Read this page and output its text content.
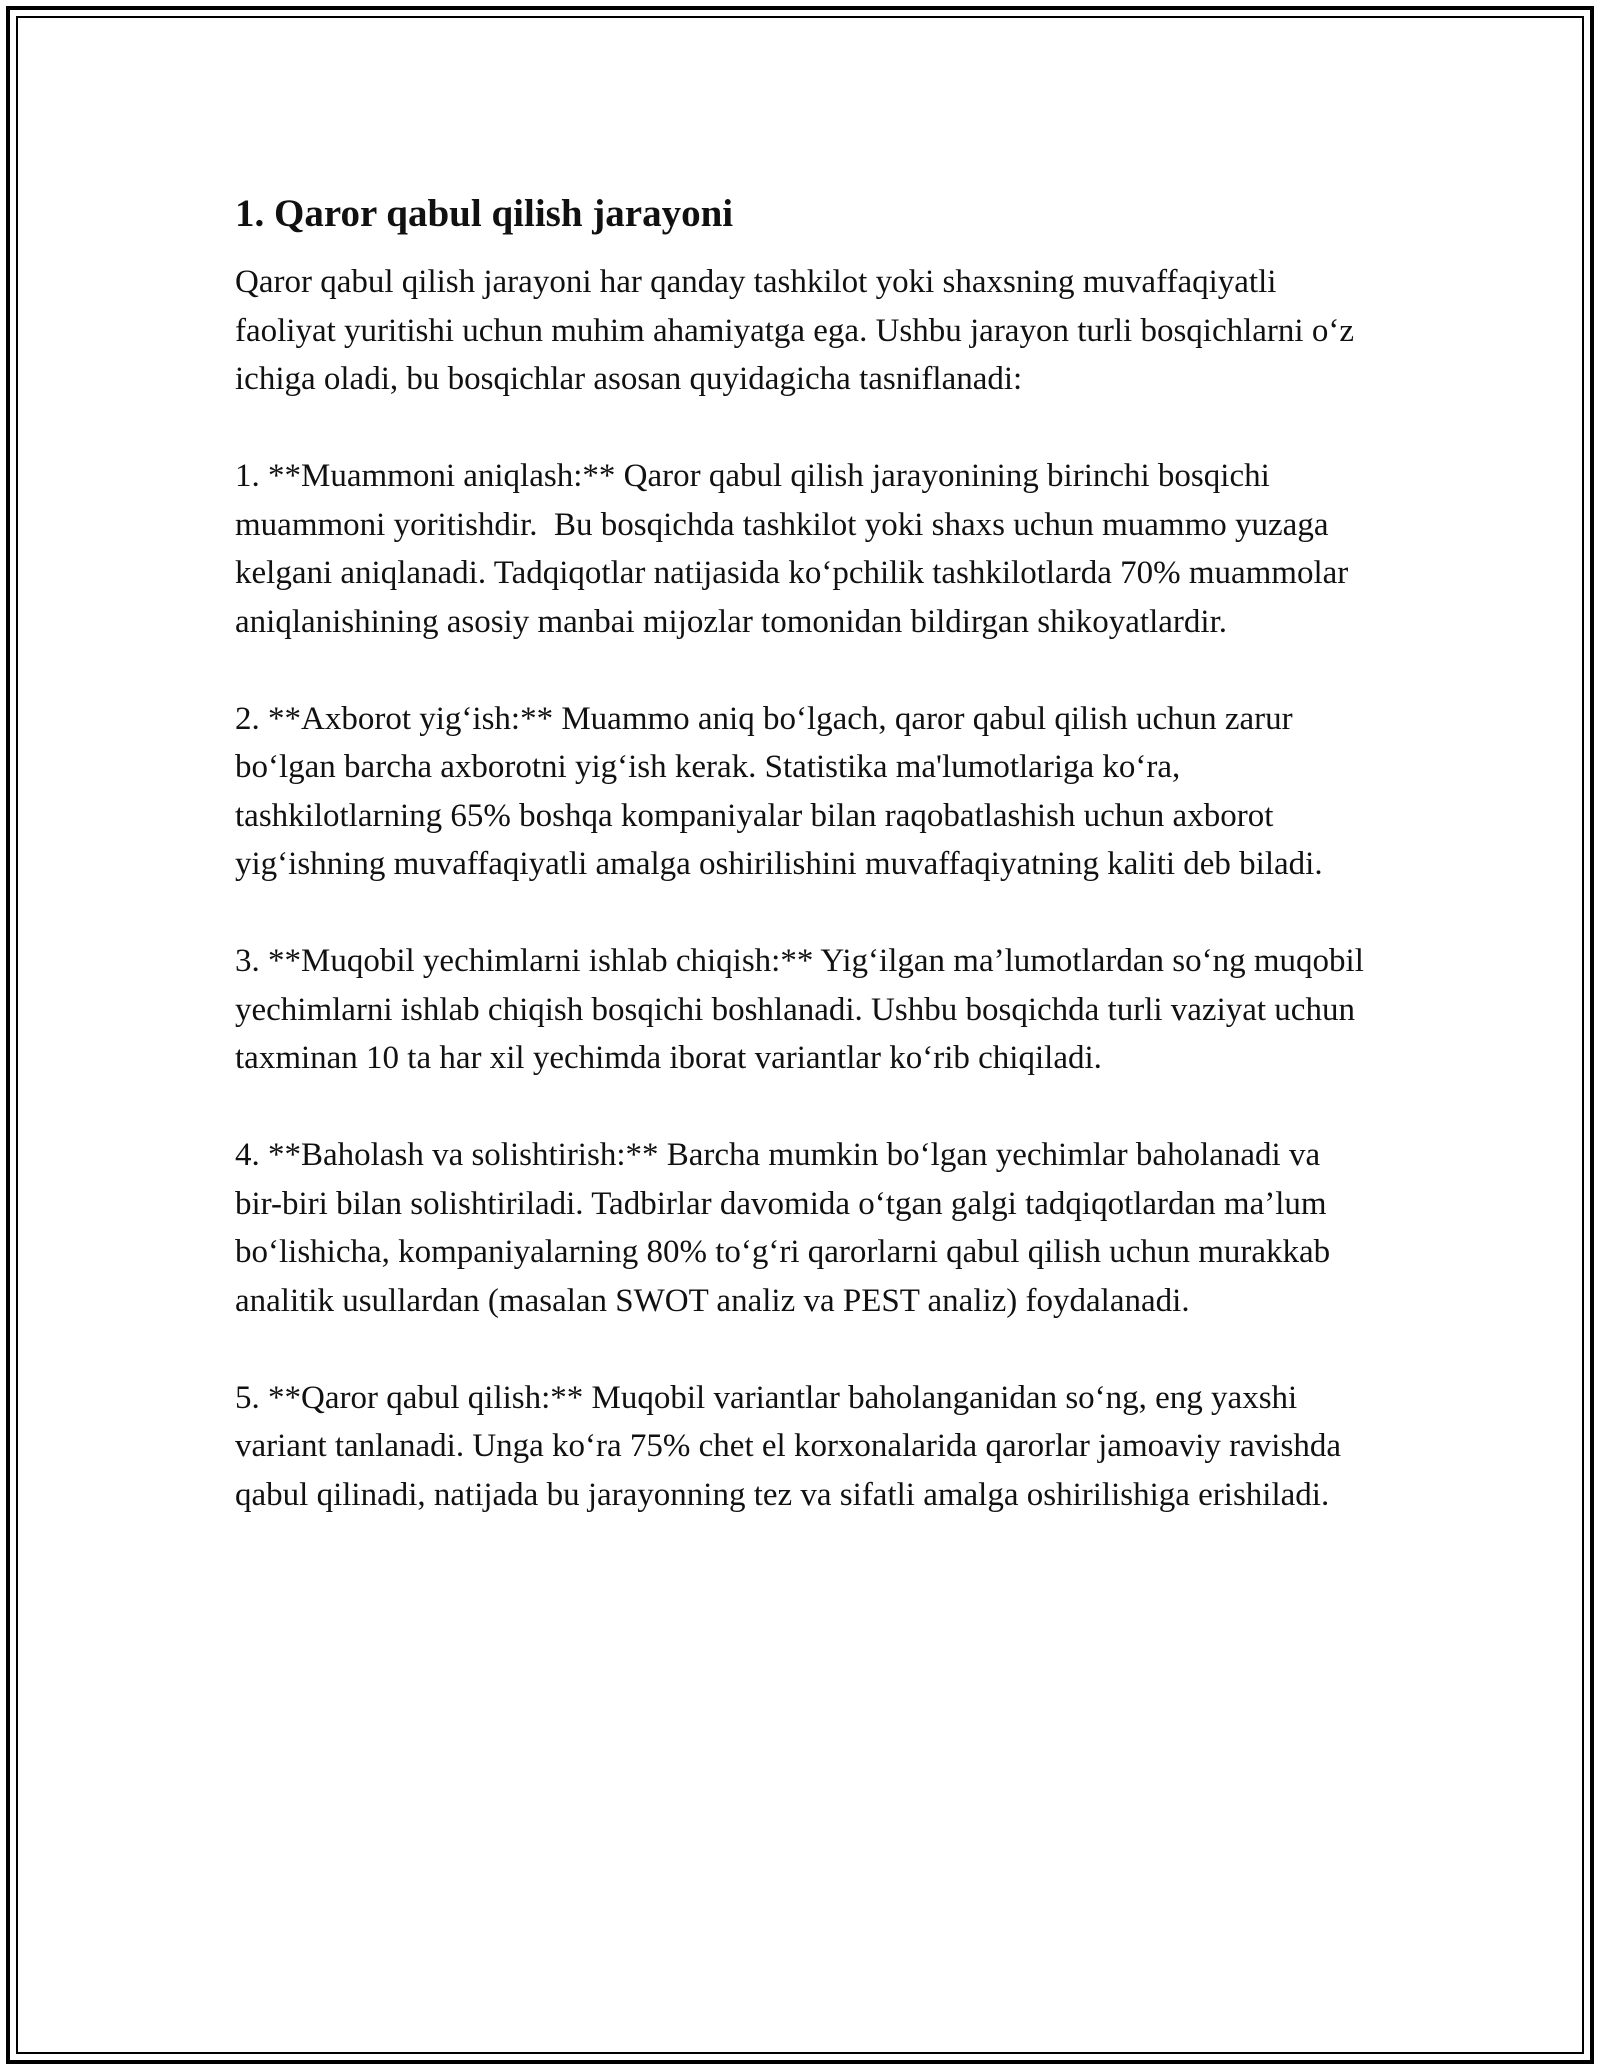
1. Qaror qabul qilish jarayoni

Qaror qabul qilish jarayoni har qanday tashkilot yoki shaxsning muvaffaqiyatli faoliyat yuritishi uchun muhim ahamiyatga ega. Ushbu jarayon turli bosqichlarni o‘z ichiga oladi, bu bosqichlar asosan quyidagicha tasniflanadi:

1. **Muammoni aniqlash:** Qaror qabul qilish jarayonining birinchi bosqichi muammoni yoritishdir.  Bu bosqichda tashkilot yoki shaxs uchun muammo yuzaga kelgani aniqlanadi. Tadqiqotlar natijasida ko‘pchilik tashkilotlarda 70% muammolar aniqlanishining asosiy manbai mijozlar tomonidan bildirgan shikoyatlardir.

2. **Axborot yig‘ish:** Muammo aniq bo‘lgach, qaror qabul qilish uchun zarur bo‘lgan barcha axborotni yig‘ish kerak. Statistika ma'lumotlariga ko‘ra, tashkilotlarning 65% boshqa kompaniyalar bilan raqobatlashish uchun axborot yig‘ishning muvaffaqiyatli amalga oshirilishini muvaffaqiyatning kaliti deb biladi.

3. **Muqobil yechimlarni ishlab chiqish:** Yig‘ilgan ma’lumotlardan so‘ng muqobil yechimlarni ishlab chiqish bosqichi boshlanadi. Ushbu bosqichda turli vaziyat uchun taxminan 10 ta har xil yechimda iborat variantlar ko‘rib chiqiladi.

4. **Baholash va solishtirish:** Barcha mumkin bo‘lgan yechimlar baholanadi va bir-biri bilan solishtiriladi. Tadbirlar davomida o‘tgan galgi tadqiqotlardan ma’lum bo‘lishicha, kompaniyalarning 80% to‘g‘ri qarorlarni qabul qilish uchun murakkab analitik usullardan (masalan SWOT analiz va PEST analiz) foydalanadi.

5. **Qaror qabul qilish:** Muqobil variantlar baholanganidan so‘ng, eng yaxshi variant tanlanadi. Unga ko‘ra 75% chet el korxonalarida qarorlar jamoaviy ravishda qabul qilinadi, natijada bu jarayonning tez va sifatli amalga oshirilishiga erishiladi.
